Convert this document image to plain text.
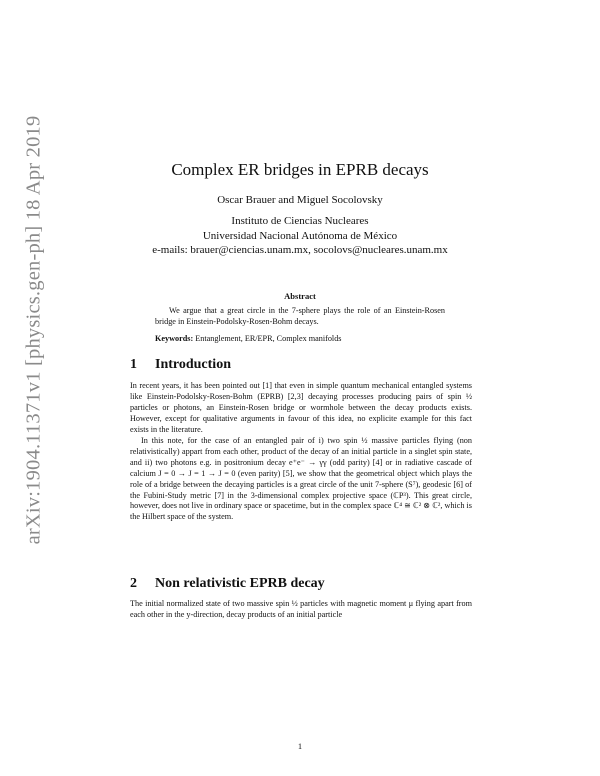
arXiv:1904.11371v1 [physics.gen-ph] 18 Apr 2019	Complex ER bridges in EPRB decays
Oscar Brauer and Miguel Socolovsky
Instituto de Ciencias Nucleares
Universidad Nacional Autónoma de México
e-mails: brauer@ciencias.unam.mx, socolovs@nucleares.unam.mx
Abstract
We argue that a great circle in the 7-sphere plays the role of an Einstein-Rosen bridge in Einstein-Podolsky-Rosen-Bohm decays.
Keywords: Entanglement, ER/EPR, Complex manifolds
1 Introduction
In recent years, it has been pointed out [1] that even in simple quantum mechanical entangled systems like Einstein-Podolsky-Rosen-Bohm (EPRB) [2,3] decaying processes producing pairs of spin ½ particles or photons, an Einstein-Rosen bridge or wormhole between the decay products exists. However, except for qualitative arguments in favour of this idea, no explicite example for this fact exists in the literature.
In this note, for the case of an entangled pair of i) two spin ½ massive particles flying (non relativistically) appart from each other, product of the decay of an initial particle in a singlet spin state, and ii) two photons e.g. in positronium decay e⁺e⁻ → γγ (odd parity) [4] or in radiative cascade of calcium J = 0 → J = 1 → J = 0 (even parity) [5], we show that the geometrical object which plays the role of a bridge between the decaying particles is a great circle of the unit 7-sphere (S⁷), geodesic [6] of the Fubini-Study metric [7] in the 3-dimensional complex projective space (ℂP³). This great circle, however, does not live in ordinary space or spacetime, but in the complex space ℂ⁴ ≅ ℂ² ⊗ ℂ², which is the Hilbert space of the system.
2 Non relativistic EPRB decay
The initial normalized state of two massive spin ½ particles with magnetic moment μ flying apart from each other in the y-direction, decay products of an initial particle
1
